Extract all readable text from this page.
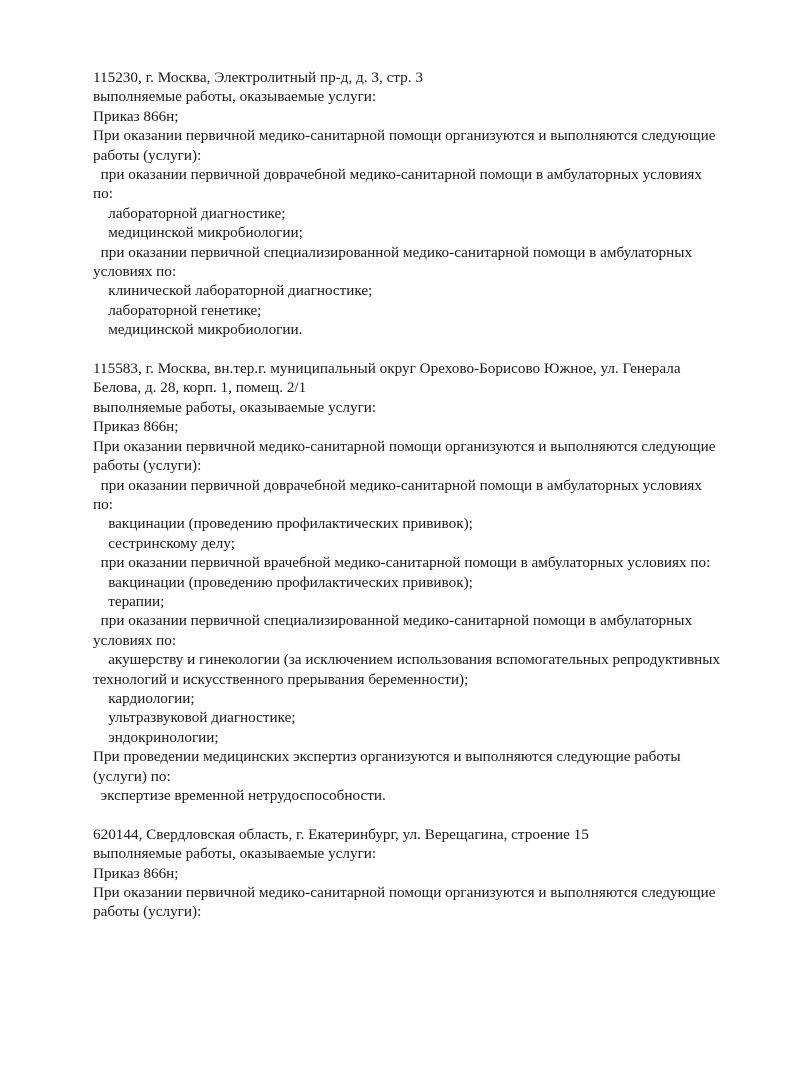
115230, г. Москва, Электролитный пр-д, д. 3, стр. 3

выполняемые работы, оказываемые услуги:

Приказ 866н;

При оказании первичной медико-санитарной помощи организуются и выполняются следующие

работы (услуги):

при оказании первичной доврачебной медико-санитарной помощи в амбулаторных условиях

по:

лабораторной диагностике;

медицинской микробиологии;

при оказании первичной специализированной медико-санитарной помощи в амбулаторных

условиях по:

клинической лабораторной диагностике;

лабораторной генетике;

медицинской микробиологии.

115583, г. Москва, вн.тер.г. муниципальный округ Орехово-Борисово Южное, ул. Генерала

Белова, д. 28, корп. 1, помещ. 2/1

выполняемые работы, оказываемые услуги:

Приказ 866н;

При оказании первичной медико-санитарной помощи организуются и выполняются следующие

работы (услуги):

при оказании первичной доврачебной медико-санитарной помощи в амбулаторных условиях

по:

вакцинации (проведению профилактических прививок);

сестринскому делу;

при оказании первичной врачебной медико-санитарной помощи в амбулаторных условиях по:

вакцинации (проведению профилактических прививок);

терапии;

при оказании первичной специализированной медико-санитарной помощи в амбулаторных

условиях по:

акушерству и гинекологии (за исключением использования вспомогательных репродуктивных

технологий и искусственного прерывания беременности);

кардиологии;

ультразвуковой диагностике;

эндокринологии;

При проведении медицинских экспертиз организуются и выполняются следующие работы

(услуги) по:

экспертизе временной нетрудоспособности.

620144, Свердловская область, г. Екатеринбург, ул. Верещагина, строение 15

выполняемые работы, оказываемые услуги:

Приказ 866н;

При оказании первичной медико-санитарной помощи организуются и выполняются следующие

работы (услуги):
